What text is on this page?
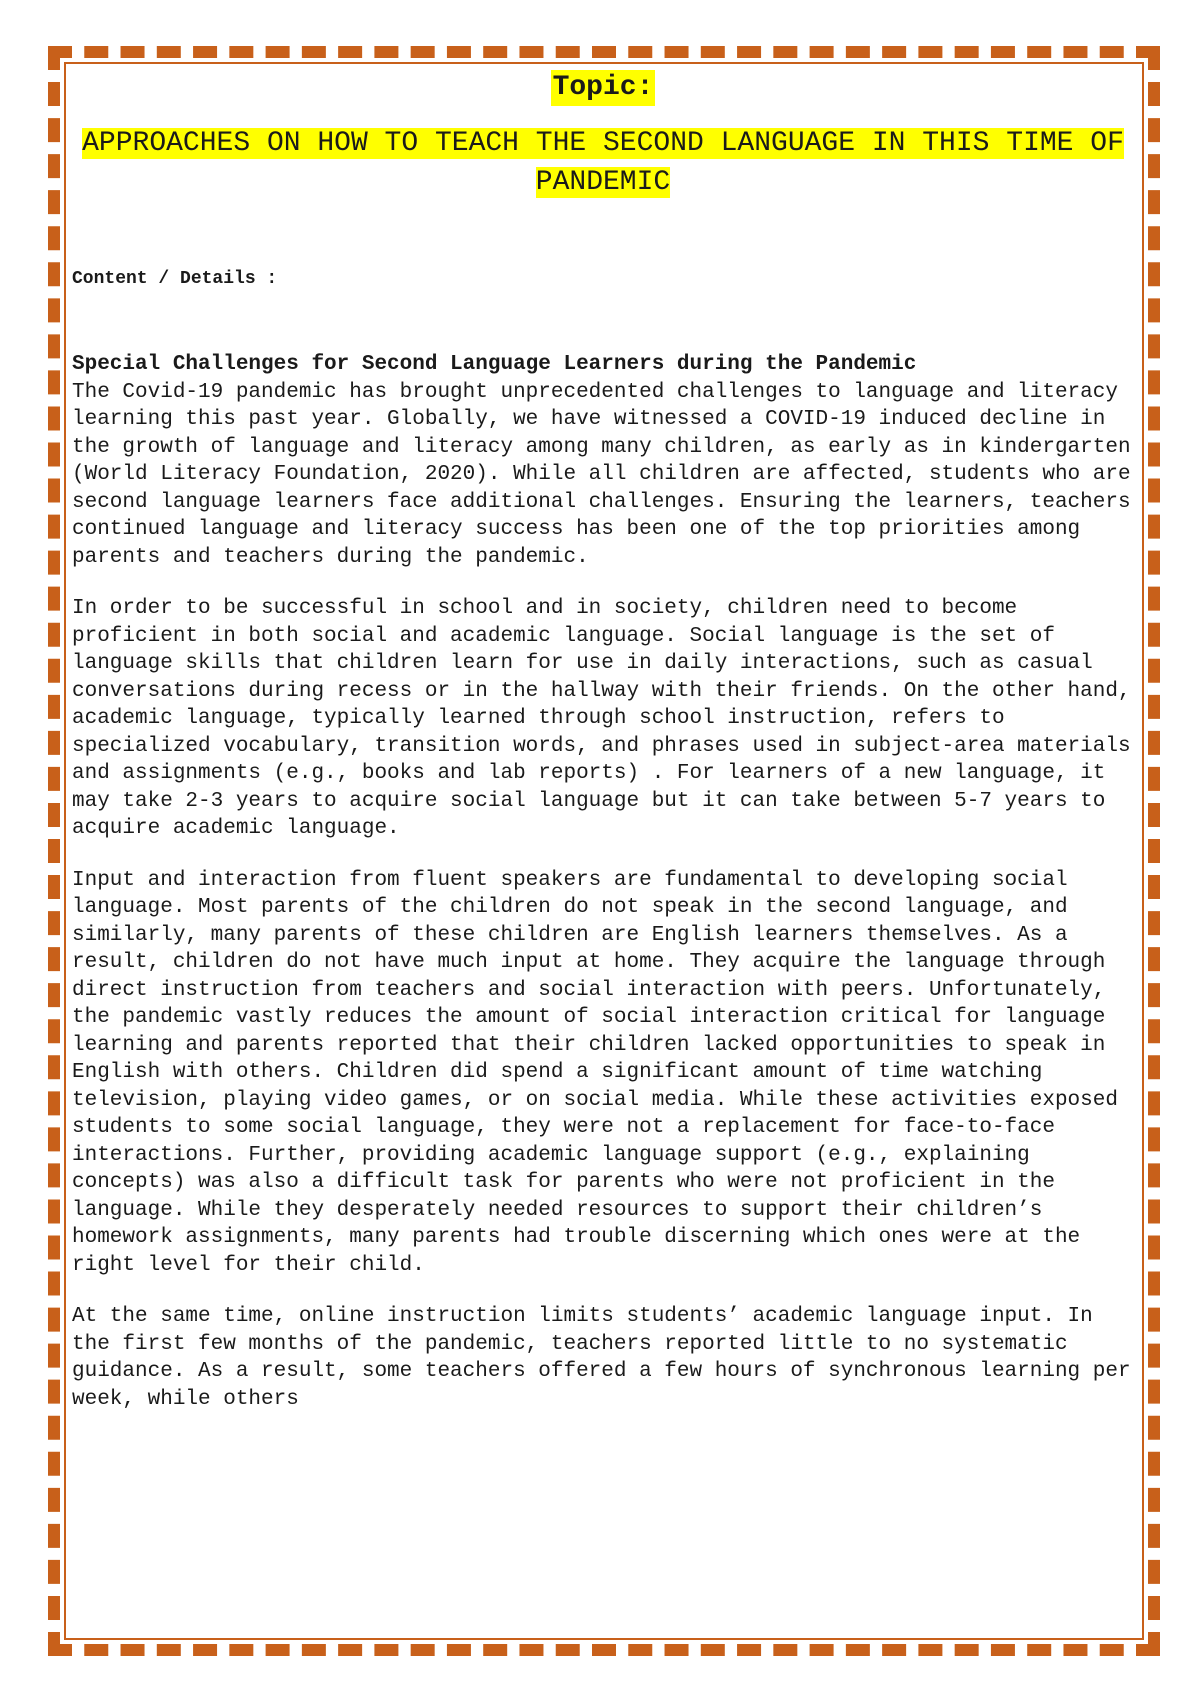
Topic:
APPROACHES ON HOW TO TEACH THE SECOND LANGUAGE IN THIS TIME OF PANDEMIC
Content / Details :
Special Challenges for Second Language Learners during the Pandemic

The Covid-19 pandemic has brought unprecedented challenges to language and literacy learning this past year. Globally, we have witnessed a COVID-19 induced decline in the growth of language and literacy among many children, as early as in kindergarten (World Literacy Foundation, 2020). While all children are affected, students who are second language learners face additional challenges. Ensuring the learners, teachers continued language and literacy success has been one of the top priorities among parents and teachers during the pandemic.

In order to be successful in school and in society, children need to become proficient in both social and academic language. Social language is the set of language skills that children learn for use in daily interactions, such as casual conversations during recess or in the hallway with their friends. On the other hand, academic language, typically learned through school instruction, refers to specialized vocabulary, transition words, and phrases used in subject-area materials and assignments (e.g., books and lab reports) . For learners of a new language, it may take 2-3 years to acquire social language but it can take between 5-7 years to acquire academic language.

Input and interaction from fluent speakers are fundamental to developing social language. Most parents of the children do not speak in the second language, and similarly, many parents of these children are English learners themselves. As a result, children do not have much input at home. They acquire the language through direct instruction from teachers and social interaction with peers. Unfortunately, the pandemic vastly reduces the amount of social interaction critical for language learning and parents reported that their children lacked opportunities to speak in English with others. Children did spend a significant amount of time watching television, playing video games, or on social media. While these activities exposed students to some social language, they were not a replacement for face-to-face interactions. Further, providing academic language support (e.g., explaining concepts) was also a difficult task for parents who were not proficient in the language. While they desperately needed resources to support their children’s homework assignments, many parents had trouble discerning which ones were at the right level for their child.

At the same time, online instruction limits students’ academic language input. In the first few months of the pandemic, teachers reported little to no systematic guidance. As a result, some teachers offered a few hours of synchronous learning per week, while others
